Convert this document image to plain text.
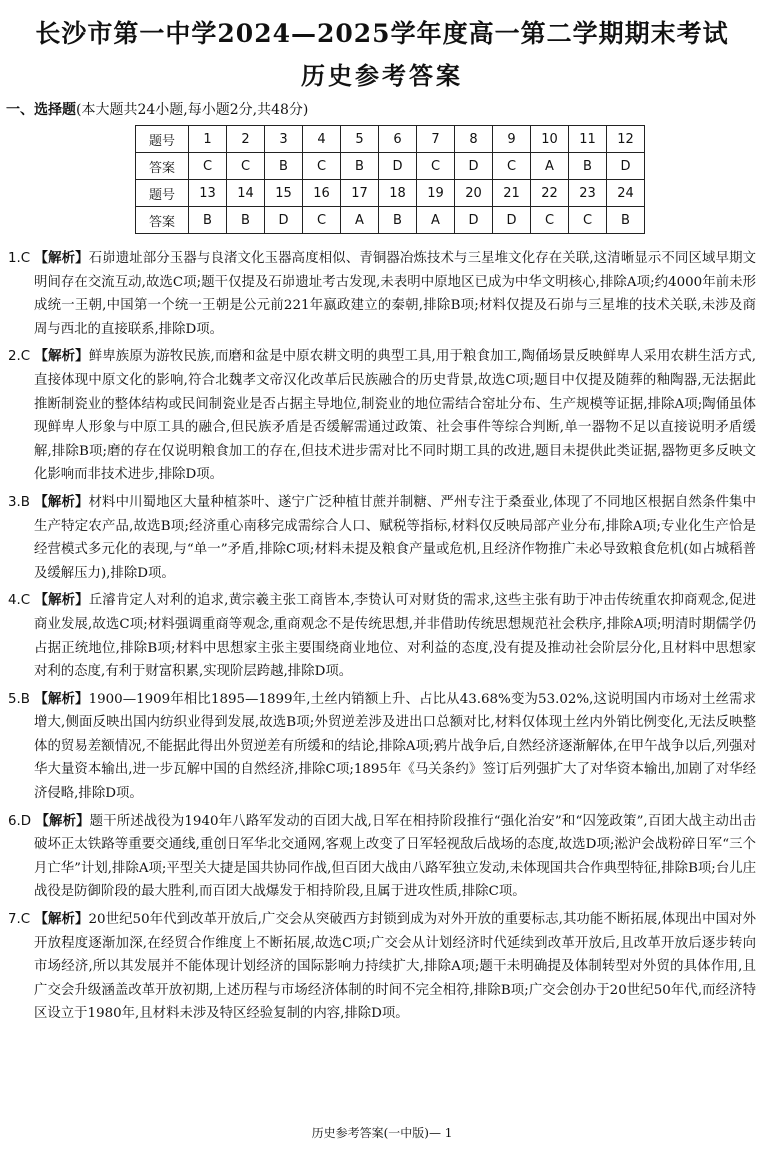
长沙市第一中学2024—2025学年度高一第二学期期末考试
历史参考答案
一、选择题(本大题共24小题,每小题2分,共48分)
题号	1	2	3	4	5	6	7	8	9	10	11	12
答案	C	C	B	C	B	D	C	D	C	A	B	D
题号	13	14	15	16	17	18	19	20	21	22	23	24
答案	B	B	D	C	A	B	A	D	D	C	C	B

1.C 【解析】石峁遗址部分玉器与良渚文化玉器高度相似、青铜器冶炼技术与三星堆文化存在关联,这清晰显示不同区域早期文明间存在交流互动,故选C项;题干仅提及石峁遗址考古发现,未表明中原地区已成为中华文明核心,排除A项;约4000年前未形成统一王朝,中国第一个统一王朝是公元前221年嬴政建立的秦朝,排除B项;材料仅提及石峁与三星堆的技术关联,未涉及商周与西北的直接联系,排除D项。

2.C 【解析】鲜卑族原为游牧民族,而磨和盆是中原农耕文明的典型工具,用于粮食加工,陶俑场景反映鲜卑人采用农耕生活方式,直接体现中原文化的影响,符合北魏孝文帝汉化改革后民族融合的历史背景,故选C项;题目中仅提及随葬的釉陶器,无法据此推断制瓷业的整体结构或民间制瓷业是否占据主导地位,制瓷业的地位需结合窑址分布、生产规模等证据,排除A项;陶俑虽体现鲜卑人形象与中原工具的融合,但民族矛盾是否缓解需通过政策、社会事件等综合判断,单一器物不足以直接说明矛盾缓解,排除B项;磨的存在仅说明粮食加工的存在,但技术进步需对比不同时期工具的改进,题目未提供此类证据,器物更多反映文化影响而非技术进步,排除D项。

3.B 【解析】材料中川蜀地区大量种植茶叶、遂宁广泛种植甘蔗并制糖、严州专注于桑蚕业,体现了不同地区根据自然条件集中生产特定农产品,故选B项;经济重心南移完成需综合人口、赋税等指标,材料仅反映局部产业分布,排除A项;专业化生产恰是经营模式多元化的表现,与“单一”矛盾,排除C项;材料未提及粮食产量或危机,且经济作物推广未必导致粮食危机(如占城稻普及缓解压力),排除D项。

4.C 【解析】丘濬肯定人对利的追求,黄宗羲主张工商皆本,李贽认可对财货的需求,这些主张有助于冲击传统重农抑商观念,促进商业发展,故选C项;材料强调重商等观念,重商观念不是传统思想,并非借助传统思想规范社会秩序,排除A项;明清时期儒学仍占据正统地位,排除B项;材料中思想家主张主要围绕商业地位、对利益的态度,没有提及推动社会阶层分化,且材料中思想家对利的态度,有利于财富积累,实现阶层跨越,排除D项。

5.B 【解析】1900—1909年相比1895—1899年,土丝内销额上升、占比从43.68%变为53.02%,这说明国内市场对土丝需求增大,侧面反映出国内纺织业得到发展,故选B项;外贸逆差涉及进出口总额对比,材料仅体现土丝内外销比例变化,无法反映整体的贸易差额情况,不能据此得出外贸逆差有所缓和的结论,排除A项;鸦片战争后,自然经济逐渐解体,在甲午战争以后,列强对华大量资本输出,进一步瓦解中国的自然经济,排除C项;1895年《马关条约》签订后列强扩大了对华资本输出,加剧了对华经济侵略,排除D项。

6.D 【解析】题干所述战役为1940年八路军发动的百团大战,日军在相持阶段推行“强化治安”和“囚笼政策”,百团大战主动出击破坏正太铁路等重要交通线,重创日军华北交通网,客观上改变了日军轻视敌后战场的态度,故选D项;淞沪会战粉碎日军“三个月亡华”计划,排除A项;平型关大捷是国共协同作战,但百团大战由八路军独立发动,未体现国共合作典型特征,排除B项;台儿庄战役是防御阶段的最大胜利,而百团大战爆发于相持阶段,且属于进攻性质,排除C项。

7.C 【解析】20世纪50年代到改革开放后,广交会从突破西方封锁到成为对外开放的重要标志,其功能不断拓展,体现出中国对外开放程度逐渐加深,在经贸合作维度上不断拓展,故选C项;广交会从计划经济时代延续到改革开放后,且改革开放后逐步转向市场经济,所以其发展并不能体现计划经济的国际影响力持续扩大,排除A项;题干未明确提及体制转型对外贸的具体作用,且广交会升级涵盖改革开放初期,上述历程与市场经济体制的时间不完全相符,排除B项;广交会创办于20世纪50年代,而经济特区设立于1980年,且材料未涉及特区经验复制的内容,排除D项。

历史参考答案(一中版)— 1
